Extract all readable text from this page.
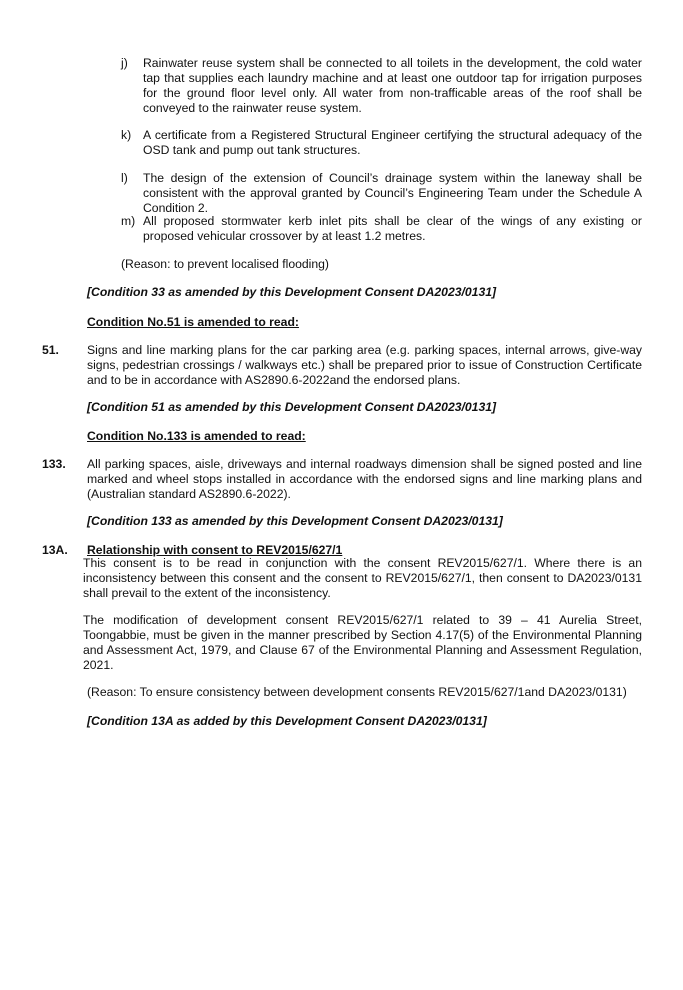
j)	Rainwater reuse system shall be connected to all toilets in the development, the cold water tap that supplies each laundry machine and at least one outdoor tap for irrigation purposes for the ground floor level only. All water from non-trafficable areas of the roof shall be conveyed to the rainwater reuse system.
k) A certificate from a Registered Structural Engineer certifying the structural adequacy of the OSD tank and pump out tank structures.
l)	The design of the extension of Council’s drainage system within the laneway shall be consistent with the approval granted by Council’s Engineering Team under the Schedule A Condition 2.
m) All proposed stormwater kerb inlet pits shall be clear of the wings of any existing or proposed vehicular crossover by at least 1.2 metres.
(Reason: to prevent localised flooding)
[Condition 33 as amended by this Development Consent DA2023/0131]
Condition No.51 is amended to read:
51. Signs and line marking plans for the car parking area (e.g. parking spaces, internal arrows, give-way signs, pedestrian crossings / walkways etc.) shall be prepared prior to issue of Construction Certificate and to be in accordance with AS2890.6-2022and the endorsed plans.
[Condition 51 as amended by this Development Consent DA2023/0131]
Condition No.133 is amended to read:
133. All parking spaces, aisle, driveways and internal roadways dimension shall be signed posted and line marked and wheel stops installed in accordance with the endorsed signs and line marking plans and (Australian standard AS2890.6-2022).
[Condition 133 as amended by this Development Consent DA2023/0131]
13A. Relationship with consent to REV2015/627/1
This consent is to be read in conjunction with the consent REV2015/627/1. Where there is an inconsistency between this consent and the consent to REV2015/627/1, then consent to DA2023/0131 shall prevail to the extent of the inconsistency.
The modification of development consent REV2015/627/1 related to 39 – 41 Aurelia Street, Toongabbie, must be given in the manner prescribed by Section 4.17(5) of the Environmental Planning and Assessment Act, 1979, and Clause 67 of the Environmental Planning and Assessment Regulation, 2021.
(Reason: To ensure consistency between development consents REV2015/627/1and DA2023/0131)
[Condition 13A as added by this Development Consent DA2023/0131]
